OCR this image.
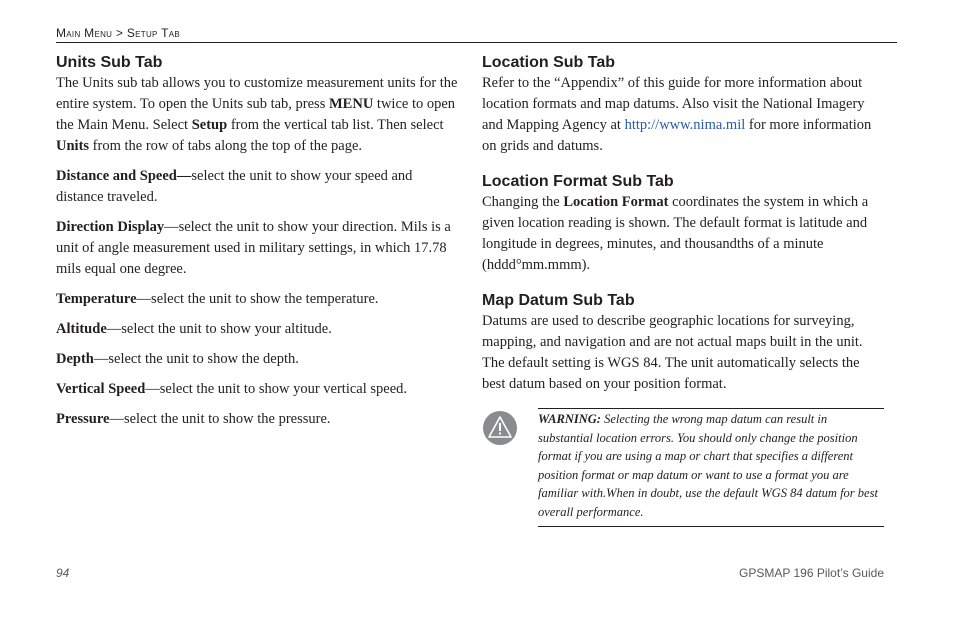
Main Menu > Setup Tab
Units Sub Tab

The Units sub tab allows you to customize measurement units for the entire system. To open the Units sub tab, press MENU twice to open the Main Menu. Select Setup from the vertical tab list. Then select Units from the row of tabs along the top of the page.

Distance and Speed—select the unit to show your speed and distance traveled.

Direction Display—select the unit to show your direction. Mils is a unit of angle measurement used in military settings, in which 17.78 mils equal one degree.

Temperature—select the unit to show the temperature.

Altitude—select the unit to show your altitude.

Depth—select the unit to show the depth.

Vertical Speed—select the unit to show your vertical speed.

Pressure—select the unit to show the pressure.

Location Sub Tab

Refer to the “Appendix” of this guide for more information about location formats and map datums. Also visit the National Imagery and Mapping Agency at http://www.nima.mil for more information on grids and datums.

Location Format Sub Tab

Changing the Location Format coordinates the system in which a given location reading is shown. The default format is latitude and longitude in degrees, minutes, and thousandths of a minute (hddd°mm.mmm).

Map Datum Sub Tab

Datums are used to describe geographic locations for surveying, mapping, and navigation and are not actual maps built in the unit. The default setting is WGS 84. The unit automatically selects the best datum based on your position format.

WARNING: Selecting the wrong map datum can result in substantial location errors. You should only change the position format if you are using a map or chart that specifies a different position format or map datum or want to use a format you are familiar with.When in doubt, use the default WGS 84 datum for best overall performance.

94	GPSMAP 196 Pilot’s Guide
